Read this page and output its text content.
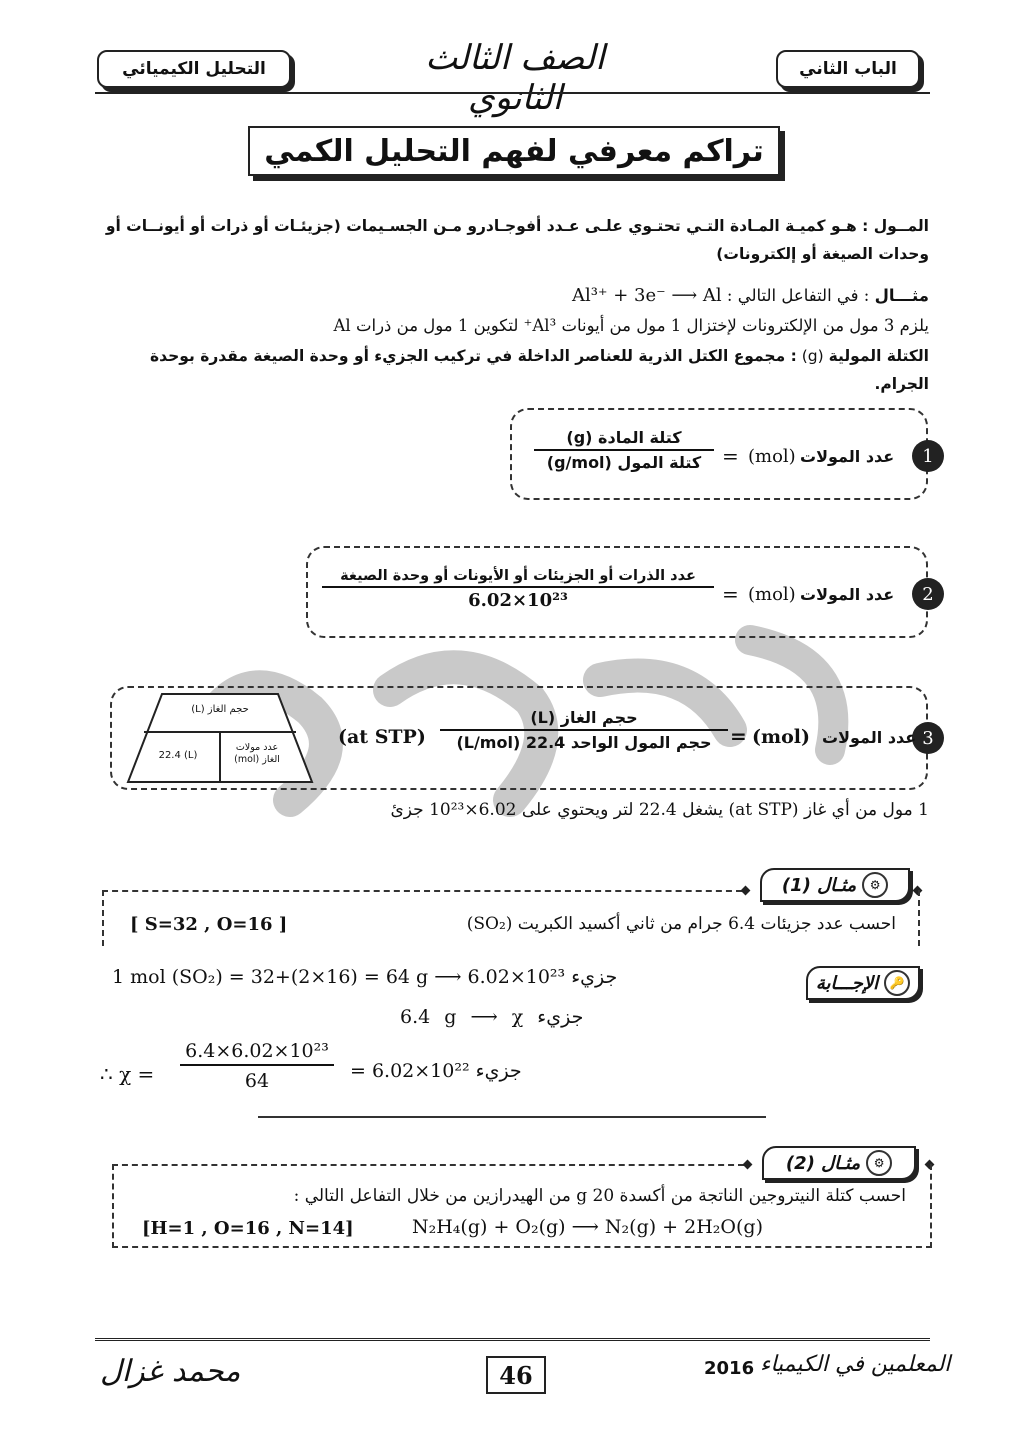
التحليل الكيميائي	الصف الثالث الثانوي
الباب الثاني
تراكم معرفي لفهم التحليل الكمي
المــول : هـو كميـة المـادة التـي تحتـوي علـى عـدد أفوجـادرو مـن الجسـيمات (جزيئـات أو ذرات أو أيونــات أو وحدات الصيغة أو إلكترونات)
مثـــال : في التفاعل التالي : Al³⁺ + 3e⁻ ⟶ Al
يلزم 3 مول من الإلكترونات لإختزال 1 مول من أيونات Al³⁺ لتكوين 1 مول من ذرات Al
الكتلة المولية (g) : مجموع الكتل الذرية للعناصر الداخلة في تركيب الجزيء أو وحدة الصيغة مقدرة بوحدة الجرام.
1
عدد المولات
(mol)
=
كتلة المادة (g)
كتلة المول (g/mol)
2
عدد المولات
(mol)
=
عدد الذرات أو الجزيئات أو الأيونات أو وحدة الصيغة
6.02×10²³
3
عدد المولات
(mol)
=
حجم الغاز (L)
حجم المول الواحد 22.4 (L/mol)
(at STP)
حجم الغاز (L)
22.4 (L)
عدد مولات الغاز (mol)
1 مول من أي غاز (at STP) يشغل 22.4 لتر ويحتوي على 6.02×10²³ جزئ
⚙
مثـال (1)
احسب عدد جزيئات 6.4 جرام من ثاني أكسيد الكبريت (SO₂)
[ S=32 , O=16 ]
🔑
الإجـــابة
1 mol (SO₂) = 32+(2×16) = 64 g ⟶ 6.02×10²³ جزيء
6.4 g ⟶ χ جزيء
∴ $\chi = \frac{\text{6.4×6.02×10²³}}{64} = 6.02\times 10^{22}$ جزيء
⚙
مثـال (2)
احسب كتلة النيتروجين الناتجة من أكسدة 20 g من الهيدرازين من خلال التفاعل التالي :
[H=1 , O=16 , N=14]	N₂H₄(g) + O₂(g) ⟶ N₂(g) + 2H₂O(g)
46
محمد غزال	المعلمين في الكيمياء
2016
